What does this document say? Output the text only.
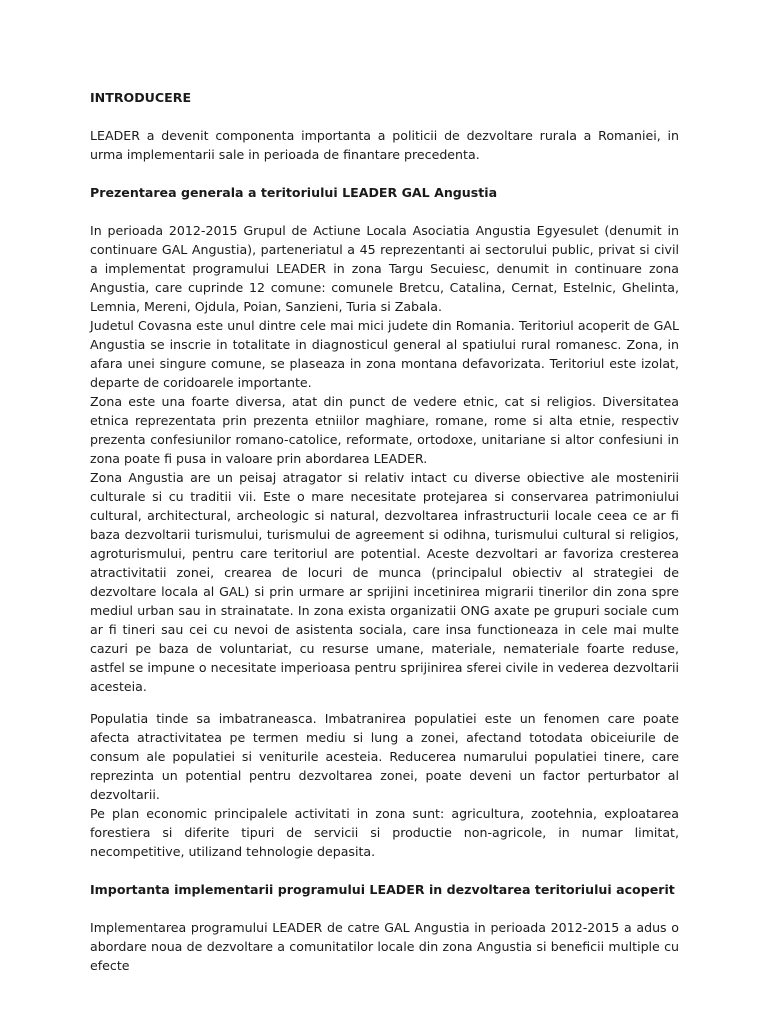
INTRODUCERE

LEADER a devenit componenta importanta a politicii de dezvoltare rurala a Romaniei, in urma implementarii sale in perioada de finantare precedenta.

Prezentarea generala a teritoriului LEADER GAL Angustia

In perioada 2012-2015 Grupul de Actiune Locala Asociatia Angustia Egyesulet (denumit in continuare GAL Angustia), parteneriatul a 45 reprezentanti ai sectorului public, privat si civil a implementat programului LEADER in zona Targu Secuiesc, denumit in continuare zona Angustia, care cuprinde 12 comune: comunele Bretcu, Catalina, Cernat, Estelnic, Ghelinta, Lemnia, Mereni, Ojdula, Poian, Sanzieni, Turia si Zabala.

Judetul Covasna este unul dintre cele mai mici judete din Romania. Teritoriul acoperit de GAL Angustia se inscrie in totalitate in diagnosticul general al spatiului rural romanesc. Zona, in afara unei singure comune, se plaseaza in zona montana defavorizata. Teritoriul este izolat, departe de coridoarele importante.

Zona este una foarte diversa, atat din punct de vedere etnic, cat si religios. Diversitatea etnica reprezentata prin prezenta etniilor maghiare, romane, rome si alta etnie, respectiv prezenta confesiunilor romano-catolice, reformate, ortodoxe, unitariane si altor confesiuni in zona poate fi pusa in valoare prin abordarea LEADER.

Zona Angustia are un peisaj atragator si relativ intact cu diverse obiective ale mostenirii culturale si cu traditii vii. Este o mare necesitate protejarea si conservarea patrimoniului cultural, architectural, archeologic si natural, dezvoltarea infrastructurii locale ceea ce ar fi baza dezvoltarii turismului, turismului de agreement si odihna, turismului cultural si religios, agroturismului, pentru care teritoriul are potential. Aceste dezvoltari ar favoriza cresterea atractivitatii zonei, crearea de locuri de munca (principalul obiectiv al strategiei de dezvoltare locala al GAL) si prin urmare ar sprijini incetinirea migrarii tinerilor din zona spre mediul urban sau in strainatate. In zona exista organizatii ONG axate pe grupuri sociale cum ar fi tineri sau cei cu nevoi de asistenta sociala, care insa functioneaza in cele mai multe cazuri pe baza de voluntariat, cu resurse umane, materiale, nemateriale foarte reduse, astfel se impune o necesitate imperioasa pentru sprijinirea sferei civile in vederea dezvoltarii acesteia.

Populatia tinde sa imbatraneasca. Imbatranirea populatiei este un fenomen care poate afecta atractivitatea pe termen mediu si lung a zonei, afectand totodata obiceiurile de consum ale populatiei si veniturile acesteia. Reducerea numarului populatiei tinere, care reprezinta un potential pentru dezvoltarea zonei, poate deveni un factor perturbator al dezvoltarii.

Pe plan economic principalele activitati in zona sunt: agricultura, zootehnia, exploatarea forestiera si diferite tipuri de servicii si productie non-agricole, in numar limitat, necompetitive, utilizand tehnologie depasita.

Importanta implementarii programului LEADER in dezvoltarea teritoriului acoperit

Implementarea programului LEADER de catre GAL Angustia in perioada 2012-2015 a adus o abordare noua de dezvoltare a comunitatilor locale din zona Angustia si beneficii multiple cu efecte
